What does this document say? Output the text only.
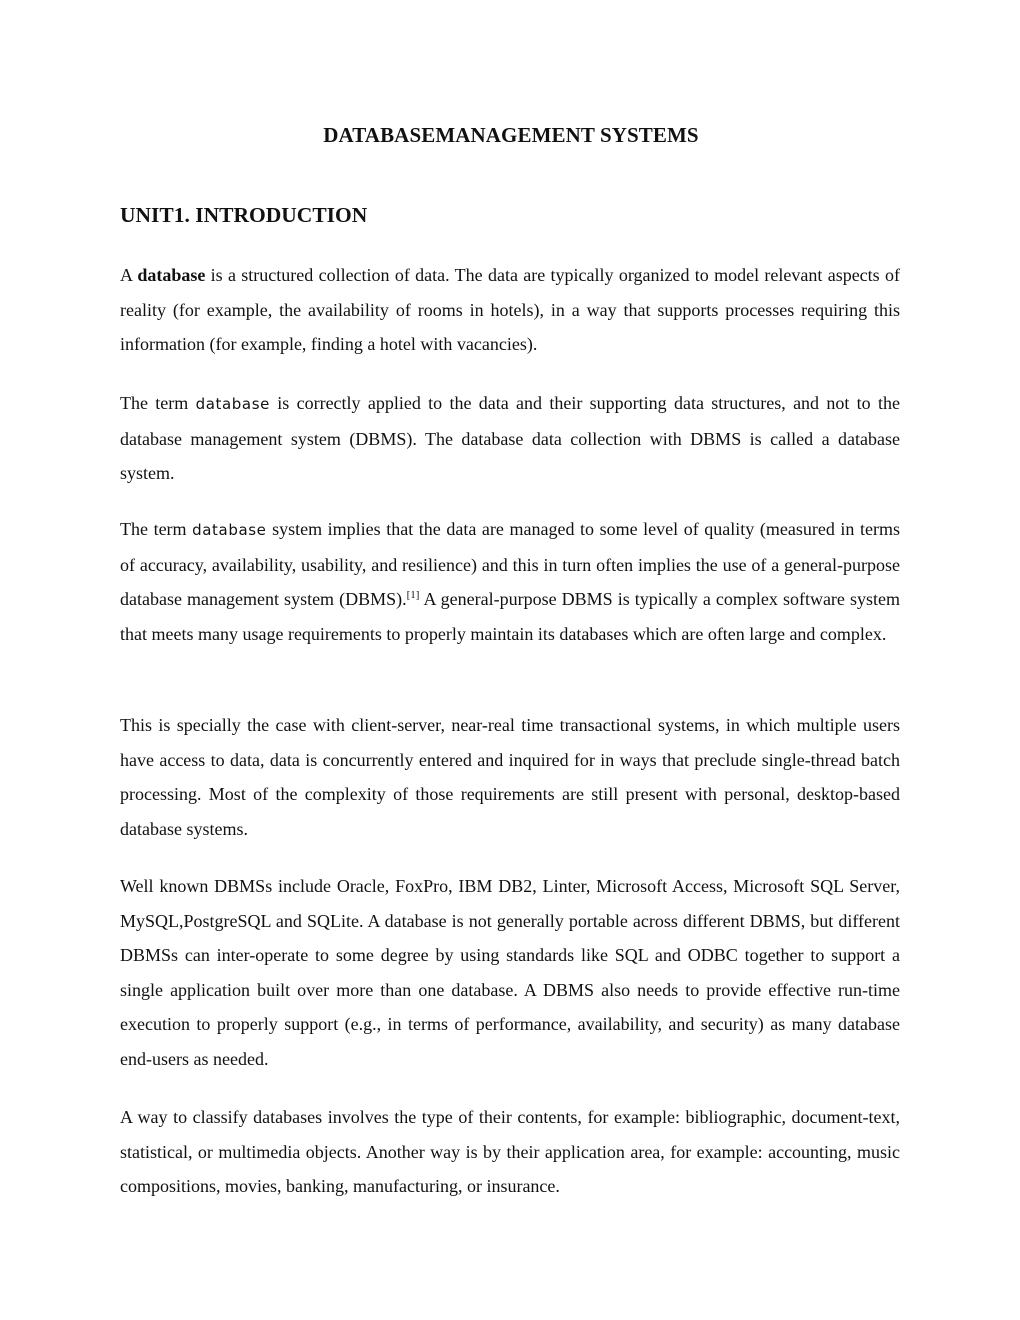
DATABASEMANAGEMENT SYSTEMS
UNIT1. INTRODUCTION

A database is a structured collection of data. The data are typically organized to model relevant aspects of reality (for example, the availability of rooms in hotels), in a way that supports processes requiring this information (for example, finding a hotel with vacancies).

The term database is correctly applied to the data and their supporting data structures, and not to the database management system (DBMS). The database data collection with DBMS is called a database system.

The term database system implies that the data are managed to some level of quality (measured in terms of accuracy, availability, usability, and resilience) and this in turn often implies the use of a general-purpose database management system (DBMS).[1] A general-purpose DBMS is typically a complex software system that meets many usage requirements to properly maintain its databases which are often large and complex.

This is specially the case with client-server, near-real time transactional systems, in which multiple users have access to data, data is concurrently entered and inquired for in ways that preclude single-thread batch processing. Most of the complexity of those requirements are still present with personal, desktop-based database systems.

Well known DBMSs include Oracle, FoxPro, IBM DB2, Linter, Microsoft Access, Microsoft SQL Server, MySQL,PostgreSQL and SQLite. A database is not generally portable across different DBMS, but different DBMSs can inter-operate to some degree by using standards like SQL and ODBC together to support a single application built over more than one database. A DBMS also needs to provide effective run-time execution to properly support (e.g., in terms of performance, availability, and security) as many database end-users as needed.

A way to classify databases involves the type of their contents, for example: bibliographic, document-text, statistical, or multimedia objects. Another way is by their application area, for example: accounting, music compositions, movies, banking, manufacturing, or insurance.
